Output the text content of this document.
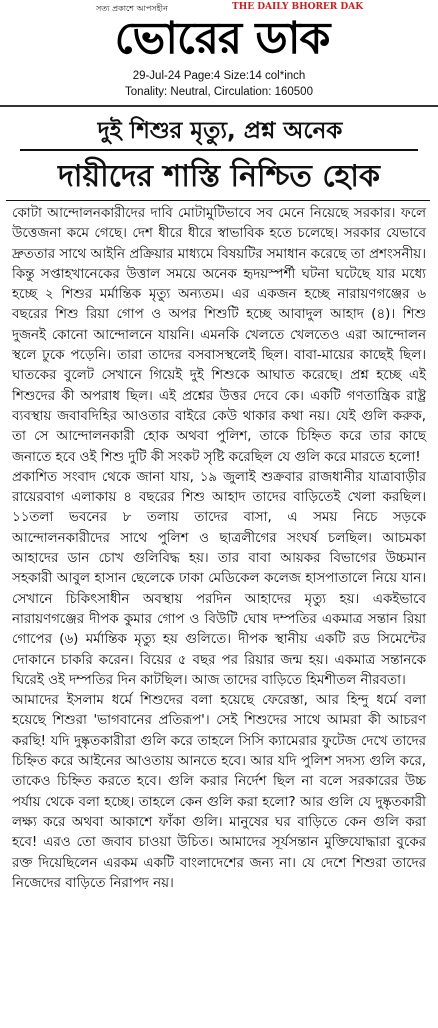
সত্য প্রকাশে আপসহীন	THE DAILY BHORER DAK
ভোরের ডাক
29-Jul-24 Page:4 Size:14 col*inch
Tonality: Neutral, Circulation: 160500
দুই শিশুর মৃত্যু, প্রশ্ন অনেক
দায়ীদের শাস্তি নিশ্চিত হোক

কোটা আন্দোলনকারীদের দাবি মোটামুটিভাবে সব মেনে নিয়েছে সরকার। ফলে উত্তেজনা কমে গেছে। দেশ ধীরে ধীরে স্বাভাবিক হতে চলেছে। সরকার যেভাবে দ্রুততার সাথে আইনি প্রক্রিয়ার মাধ্যমে বিষয়টির সমাধান করেছে তা প্রশংসনীয়। কিন্তু সপ্তাহখানেকের উত্তাল সময়ে অনেক হৃদয়স্পর্শী ঘটনা ঘটেছে যার মধ্যে হচ্ছে ২ শিশুর মর্মান্তিক মৃত্যু অন্যতম। এর একজন হচ্ছে নারায়ণগঞ্জের ৬ বছরের শিশু রিয়া গোপ ও অপর শিশুটি হচ্ছে আবাদুল আহাদ (৪)। শিশু দুজনই কোনো আন্দোলনে যায়নি। এমনকি খেলতে খেলতেও এরা আন্দোলন স্থলে ঢুকে পড়েনি। তারা তাদের বসবাসস্থলেই ছিল। বাবা-মায়ের কাছেই ছিল। ঘাতকের বুলেট সেখানে গিয়েই দুই শিশুকে আঘাত করেছে। প্রশ্ন হচ্ছে এই শিশুদের কী অপরাধ ছিল। এই প্রশ্নের উত্তর দেবে কে। একটি গণতান্ত্রিক রাষ্ট্র ব্যবস্থায় জবাবদিহির আওতার বাইরে কেউ থাকার কথা নয়। যেই গুলি করুক, তা সে আন্দোলনকারী হোক অথবা পুলিশ, তাকে চিহ্নিত করে তার কাছে জনাতে হবে ওই শিশু দুটি কী সংকট সৃষ্টি করেছিল যে গুলি করে মারতে হলো!

প্রকাশিত সংবাদ থেকে জানা যায়, ১৯ জুলাই শুক্রবার রাজধানীর যাত্রাবাড়ীর রায়েরবাগ এলাকায় ৪ বছরের শিশু আহাদ তাদের বাড়িতেই খেলা করছিল। ১১তলা ভবনের ৮ তলায় তাদের বাসা, এ সময় নিচে সড়কে আন্দোলনকারীদের সাথে পুলিশ ও ছাত্রলীগের সংঘর্ষ চলছিল। আচমকা আহাদের ডান চোখ গুলিবিদ্ধ হয়। তার বাবা আয়কর বিভাগের উচ্চমান সহকারী আবুল হাসান ছেলেকে ঢাকা মেডিকেল কলেজ হাসপাতালে নিয়ে যান। সেখানে চিকিৎসাধীন অবস্থায় পরদিন আহাদের মৃত্যু হয়। একইভাবে নারায়ণগঞ্জের দীপক কুমার গোপ ও বিউটি ঘোষ দম্পতির একমাত্র সন্তান রিয়া গোপের (৬) মর্মান্তিক মৃত্যু হয় গুলিতে। দীপক স্থানীয় একটি রড সিমেন্টের দোকানে চাকরি করেন। বিয়ের ৫ বছর পর রিয়ার জন্ম হয়। একমাত্র সন্তানকে ঘিরেই ওই দম্পতির দিন কাটছিল। আজ তাদের বাড়িতে হিমশীতল নীরবতা।

আমাদের ইসলাম ধর্মে শিশুদের বলা হয়েছে ফেরেস্তা, আর হিন্দু ধর্মে বলা হয়েছে শিশুরা 'ভাগবানের প্রতিরূপ'। সেই শিশুদের সাথে আমরা কী আচরণ করছি! যদি দুষ্কৃতকারীরা গুলি করে তাহলে সিসি ক্যামেরার ফুটেজ দেখে তাদের চিহ্নিত করে আইনের আওতায় আনতে হবে। আর যদি পুলিশ সদস্য গুলি করে, তাকেও চিহ্নিত করতে হবে। গুলি করার নির্দেশ ছিল না বলে সরকারের উচ্চ পর্যায় থেকে বলা হচ্ছে। তাহলে কেন গুলি করা হলো? আর গুলি যে দুষ্কৃতকারী লক্ষ্য করে অথবা আকাশে ফাঁকা গুলি। মানুষের ঘর বাড়িতে কেন গুলি করা হবে! এরও তো জবাব চাওয়া উচিত। আমাদের সূর্যসন্তান মুক্তিযোদ্ধারা বুকের রক্ত দিয়েছিলেন এরকম একটি বাংলাদেশের জন্য না। যে দেশে শিশুরা তাদের নিজেদের বাড়িতে নিরাপদ নয়।
